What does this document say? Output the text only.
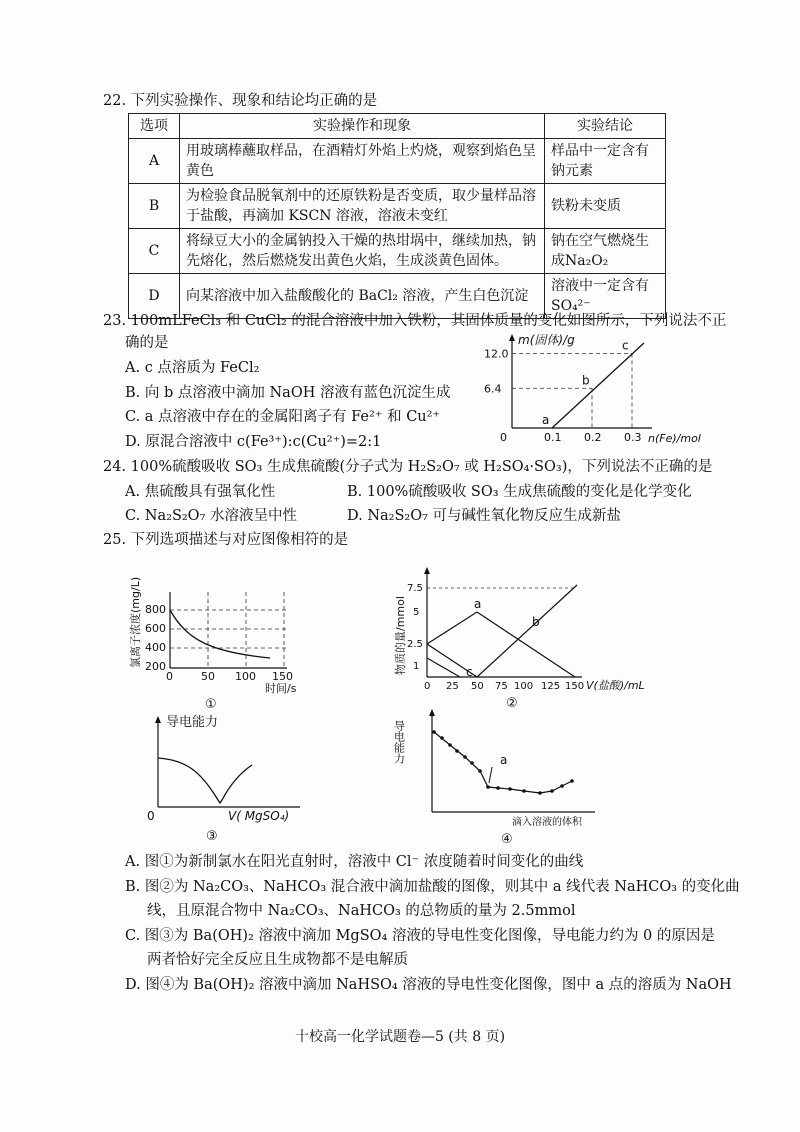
22. 下列实验操作、现象和结论均正确的是
选项	实验操作和现象	实验结论
A	用玻璃棒蘸取样品，在酒精灯外焰上灼烧，观察到焰色呈黄色	样品中一定含有钠元素
B	为检验食品脱氧剂中的还原铁粉是否变质，取少量样品溶于盐酸，再滴加 KSCN 溶液，溶液未变红	铁粉未变质
C	将绿豆大小的金属钠投入干燥的热坩埚中，继续加热，钠先熔化，然后燃烧发出黄色火焰，生成淡黄色固体。	钠在空气燃烧生成Na₂O₂
D	向某溶液中加入盐酸酸化的 BaCl₂ 溶液，产生白色沉淀	溶液中一定含有 SO₄²⁻
23. 100mLFeCl₃ 和 CuCl₂ 的混合溶液中加入铁粉，其固体质量的变化如图所示，下列说法不正
确的是
A. c 点溶质为 FeCl₂
B. 向 b 点溶液中滴加 NaOH 溶液有蓝色沉淀生成
C. a 点溶液中存在的金属阳离子有 Fe²⁺ 和 Cu²⁺
D. 原混合溶液中 c(Fe³⁺):c(Cu²⁺)=2:1
m(固体)/g
n(Fe)/mol
0	0.1 0.2 0.3
6.4
12.0
a
b
c
24. 100%硫酸吸收 SO₃ 生成焦硫酸(分子式为 H₂S₂O₇ 或 H₂SO₄·SO₃)，下列说法不正确的是
A. 焦硫酸具有强氧化性	B. 100%硫酸吸收 SO₃ 生成焦硫酸的变化是化学变化
C. Na₂S₂O₇ 水溶液呈中性	D. Na₂S₂O₇ 可与碱性氧化物反应生成新盐
25. 下列选项描述与对应图像相符的是
氯离子浓度(mg/L) 800
600
400
200
0	50 100 150
时间/s
①
物质的量/mmol	a
b
c
7.5
5
2.5
1
0 25 50 75 100 125 150 V(盐酸)/mL
②
导电能力
0	V( MgSO₄)
③
导电能力	a
滴入溶液的体积
④
A. 图①为新制氯水在阳光直射时，溶液中 Cl⁻ 浓度随着时间变化的曲线
B. 图②为 Na₂CO₃、NaHCO₃ 混合液中滴加盐酸的图像，则其中 a 线代表 NaHCO₃ 的变化曲
线，且原混合物中 Na₂CO₃、NaHCO₃ 的总物质的量为 2.5mmol
C. 图③为 Ba(OH)₂ 溶液中滴加 MgSO₄ 溶液的导电性变化图像，导电能力约为 0 的原因是
两者恰好完全反应且生成物都不是电解质
D. 图④为 Ba(OH)₂ 溶液中滴加 NaHSO₄ 溶液的导电性变化图像，图中 a 点的溶质为 NaOH
十校高一化学试题卷—5 (共 8 页)
